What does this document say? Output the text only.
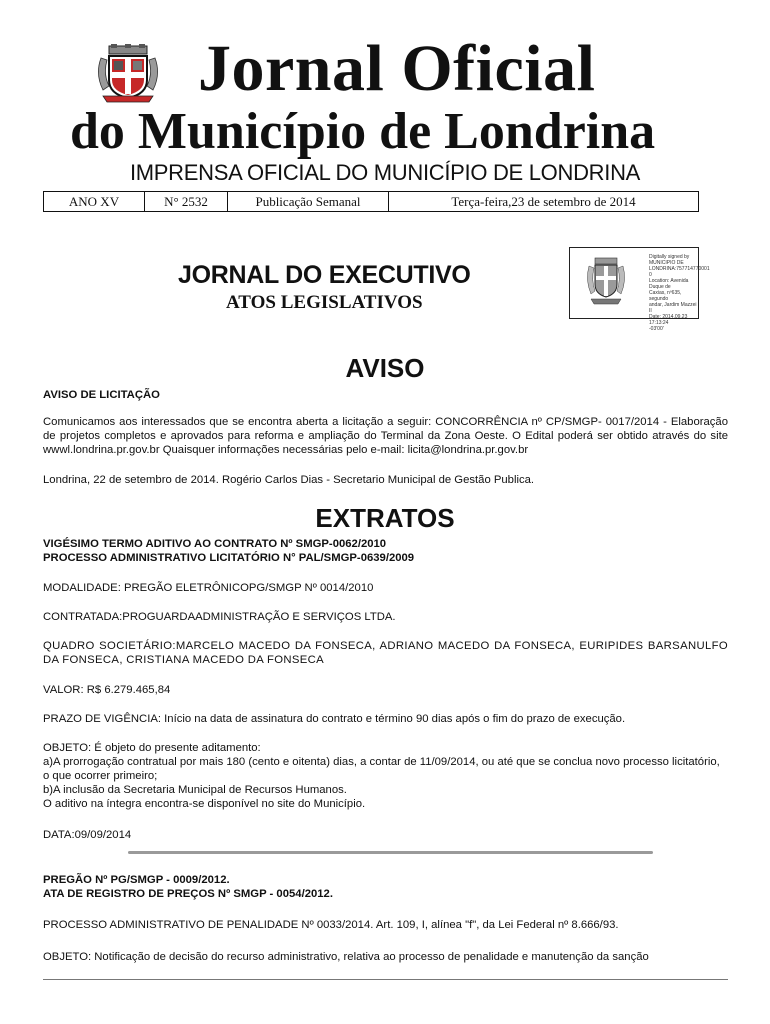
Jornal Oficial
do Município de Londrina
IMPRENSA OFICIAL DO MUNICÍPIO DE LONDRINA
ANO XV	N° 2532	Publicação Semanal	Terça-feira,23 de setembro de 2014
Digitally signed by
MUNICIPIO DE
LONDRINA:757714770001
0
Location: Avenida Duque de
Caxias, nº635, segundo
andar, Jardim Mazzei II
Date: 2014.09.23 17:13:24
-03'00'
JORNAL DO EXECUTIVO
ATOS LEGISLATIVOS
AVISO
AVISO DE LICITAÇÃO
Comunicamos aos interessados que se encontra aberta a licitação a seguir: CONCORRÊNCIA nº CP/SMGP- 0017/2014 - Elaboração de projetos completos e aprovados para reforma e ampliação do Terminal da Zona Oeste. O Edital poderá ser obtido através do site wwwl.londrina.pr.gov.br Quaisquer informações necessárias pelo e-mail: licita@londrina.pr.gov.br
Londrina, 22 de setembro de 2014. Rogério Carlos Dias - Secretario Municipal de Gestão Publica.
EXTRATOS
VIGÉSIMO TERMO ADITIVO AO CONTRATO Nº SMGP-0062/2010
PROCESSO ADMINISTRATIVO LICITATÓRIO N° PAL/SMGP-0639/2009
MODALIDADE: PREGÃO ELETRÔNICOPG/SMGP Nº 0014/2010
CONTRATADA:PROGUARDAADMINISTRAÇÃO E SERVIÇOS LTDA.
QUADRO SOCIETÁRIO:MARCELO MACEDO DA FONSECA, ADRIANO MACEDO DA FONSECA, EURIPIDES BARSANULFO DA FONSECA, CRISTIANA MACEDO DA FONSECA
VALOR: R$ 6.279.465,84
PRAZO DE VIGÊNCIA: Início na data de assinatura do contrato e término 90 dias após o fim do prazo de execução.
OBJETO: É objeto do presente aditamento:
a)A prorrogação contratual por mais 180 (cento e oitenta) dias, a contar de 11/09/2014, ou até que se conclua novo processo licitatório, o que ocorrer primeiro;
b)A inclusão da Secretaria Municipal de Recursos Humanos.
O aditivo na íntegra encontra-se disponível no site do Município.
DATA:09/09/2014
PREGÃO Nº PG/SMGP - 0009/2012.
ATA DE REGISTRO DE PREÇOS Nº SMGP - 0054/2012.
PROCESSO ADMINISTRATIVO DE PENALIDADE Nº 0033/2014. Art. 109, I, alínea "f", da Lei Federal nº 8.666/93.
OBJETO: Notificação de decisão do recurso administrativo, relativa ao processo de penalidade e manutenção da sanção
